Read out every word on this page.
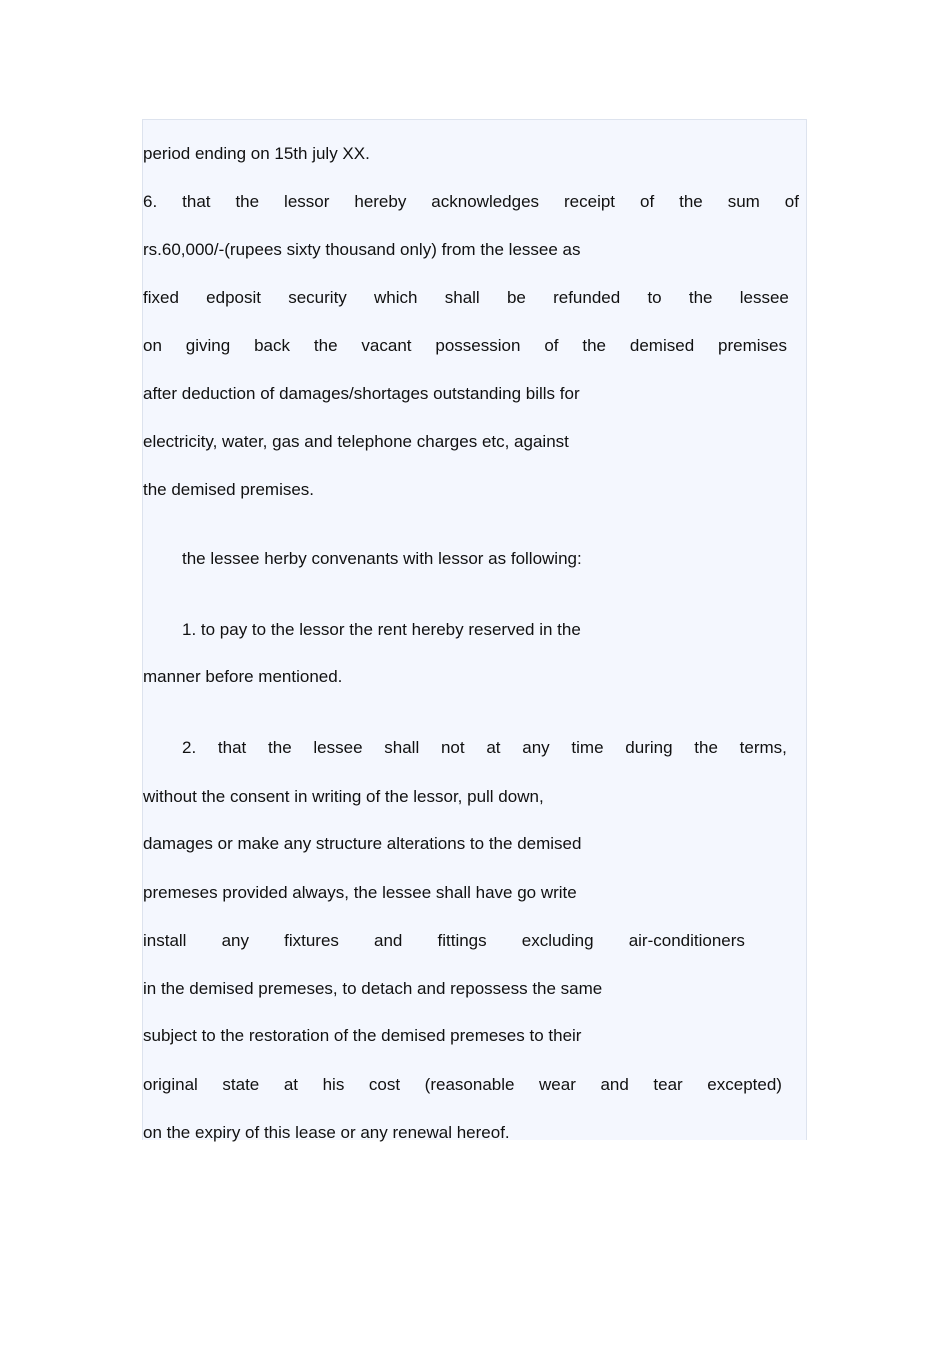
period ending on 15th july XX.
6. that the lessor hereby acknowledges receipt of the sum of
rs.60,000/-(rupees sixty thousand only) from the lessee as
fixed edposit security which shall be refunded to the lessee
on giving back the vacant possession of the demised premises
after deduction of damages/shortages outstanding bills for
electricity, water, gas and telephone charges etc, against
the demised premises.
the lessee herby convenants with lessor as following:
1. to pay to the lessor the rent hereby reserved in the
manner before mentioned.
2. that the lessee shall not at any time during the terms,
without the consent in writing of the lessor, pull down,
damages or make any structure alterations to the demised
premeses provided always, the lessee shall have go write
install any fixtures and fittings excluding air-conditioners
in the demised premeses, to detach and repossess the same
subject to the restoration of the demised premeses to their
original state at his cost (reasonable wear and tear excepted)
on the expiry of this lease or any renewal hereof.
